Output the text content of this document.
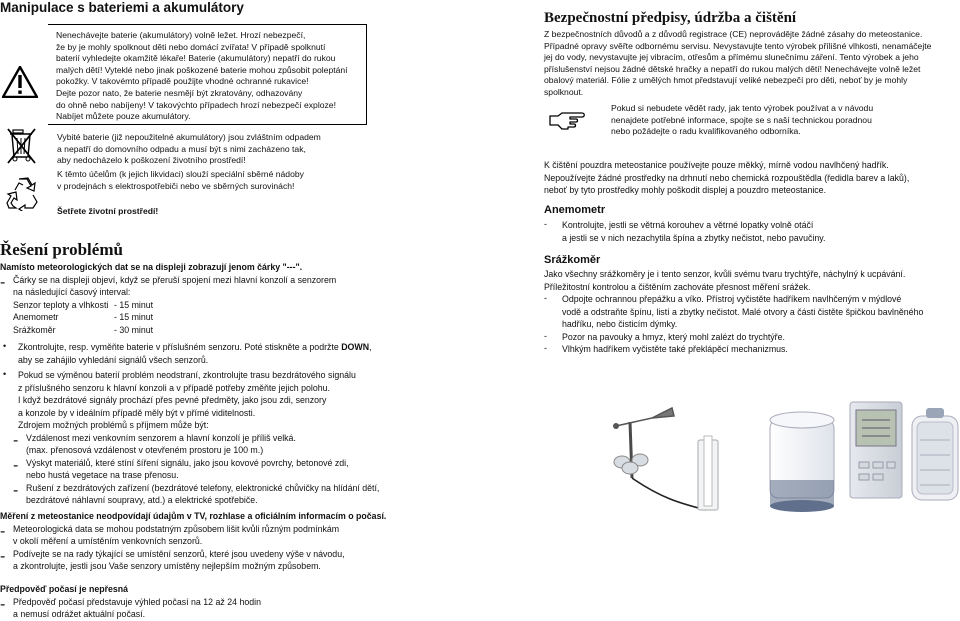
Manipulace s bateriemi a akumulátory

Nenechávejte baterie (akumulátory) volně ležet. Hrozí nebezpečí,

že by je mohly spolknout děti nebo domácí zvířata! V případě spolknutí

baterií vyhledejte okamžitě lékaře! Baterie (akumulátory) nepatří do rukou

malých dětí! Vyteklé nebo jinak poškozené baterie mohou způsobit poleptání

pokožky. V takovémto případě použijte vhodné ochranné rukavice!

Dejte pozor nato, že baterie nesmějí být zkratovány, odhazovány

do ohně nebo nabíjeny! V takovýchto případech hrozí nebezpečí exploze!

Nabíjet můžete pouze akumulátory.

Vybité baterie (již nepoužitelné akumulátory) jsou zvláštním odpadem

a nepatří do domovního odpadu a musí být s nimi zacházeno tak,

aby nedocházelo k poškození životního prostředí!

K těmto účelům (k jejich likvidaci) slouží speciální sběrné nádoby

v prodejnách s elektrospotřebiči nebo ve sběrných surovinách!

Šetřete životní prostředí!
Řešení problémů

Namísto meteorologických dat se na displeji zobrazují jenom čárky "---".

- Čárky se na displeji objeví, když se přeruší spojení mezi hlavní konzolí a senzorem

na následující časový interval:

Senzor teploty a vlhkosti - 15 minut
Anemometr	- 15 minut
Srážkoměr	- 30 minut
• Zkontrolujte, resp. vyměňte baterie v příslušném senzoru. Poté stiskněte a podržte DOWN,

aby se zahájilo vyhledání signálů všech senzorů.

• Pokud se výměnou baterií problém neodstraní, zkontrolujte trasu bezdrátového signálu

z příslušného senzoru k hlavní konzoli a v případě potřeby změňte jejich polohu.

I když bezdrátové signály prochází přes pevné předměty, jako jsou zdi, senzory

a konzole by v ideálním případě měly být v přímé viditelnosti.

Zdrojem možných problémů s příjmem může být:

- Vzdálenost mezi venkovním senzorem a hlavní konzolí je příliš velká.

(max. přenosová vzdálenost v otevřeném prostoru je 100 m.)

- Výskyt materiálů, které stíní šíření signálu, jako jsou kovové povrchy, betonové zdi,

nebo hustá vegetace na trase přenosu.

- Rušení z bezdrátových zařízení (bezdrátové telefony, elektronické chůvičky na hlídání dětí,

bezdrátové náhlavní soupravy, atd.) a elektrické spotřebiče.

Měření z meteostanice neodpovídají údajům v TV, rozhlase a oficiálním informacím o počasí.

- Meteorologická data se mohou podstatným způsobem lišit kvůli různým podmínkám

v okolí měření a umístěním venkovních senzorů.

- Podívejte se na rady týkající se umístění senzorů, které jsou uvedeny výše v návodu,

a zkontrolujte, jestli jsou Vaše senzory umístěny nejlepším možným způsobem.

Předpověď počasí je nepřesná

- Předpověď počasí představuje výhled počasí na 12 až 24 hodin

a nemusí odrážet aktuální počasí.

Bezpečnostní předpisy, údržba a čištění

Z bezpečnostních důvodů a z důvodů registrace (CE) neprovádějte žádné zásahy do meteostanice.

Případné opravy svěřte odbornému servisu. Nevystavujte tento výrobek přílišné vlhkosti, nenamáčejte

jej do vody, nevystavujte jej vibracím, otřesům a přímému slunečnímu záření. Tento výrobek a jeho

příslušenství nejsou žádné dětské hračky a nepatří do rukou malých dětí! Nenechávejte volně ležet

obalový materiál. Fólie z umělých hmot představují veliké nebezpečí pro děti, neboť by je mohly

spolknout.

Pokud si nebudete vědět rady, jak tento výrobek používat a v návodu

nenajdete potřebné informace, spojte se s naší technickou poradnou

nebo požádejte o radu kvalifikovaného odborníka.

K čištění pouzdra meteostanice používejte pouze měkký, mírně vodou navlhčený hadřík.

Nepoužívejte žádné prostředky na drhnutí nebo chemická rozpouštědla (ředidla barev a laků),

neboť by tyto prostředky mohly poškodit displej a pouzdro meteostanice.

Anemometr
- Kontrolujte, jestli se větrná korouhev a větrné lopatky volně otáčí

a jestli se v nich nezachytila špína a zbytky nečistot, nebo pavučiny.

Srážkoměr

Jako všechny srážkoměry je i tento senzor, kvůli svému tvaru trychtýře, náchylný k ucpávání.

Příležitostní kontrolou a čištěním zachováte přesnost měření srážek.

- Odpojte ochrannou přepážku a víko. Přístroj vyčistěte hadříkem navlhčeným v mýdlové

vodě a odstraňte špínu, listí a zbytky nečistot. Malé otvory a části čistěte špičkou bavlněného

hadříku, nebo čisticím dýmky.

- Pozor na pavouky a hmyz, který mohl zalézt do trychtýře.

- Vlhkým hadříkem vyčistěte také překlápěcí mechanizmus.
